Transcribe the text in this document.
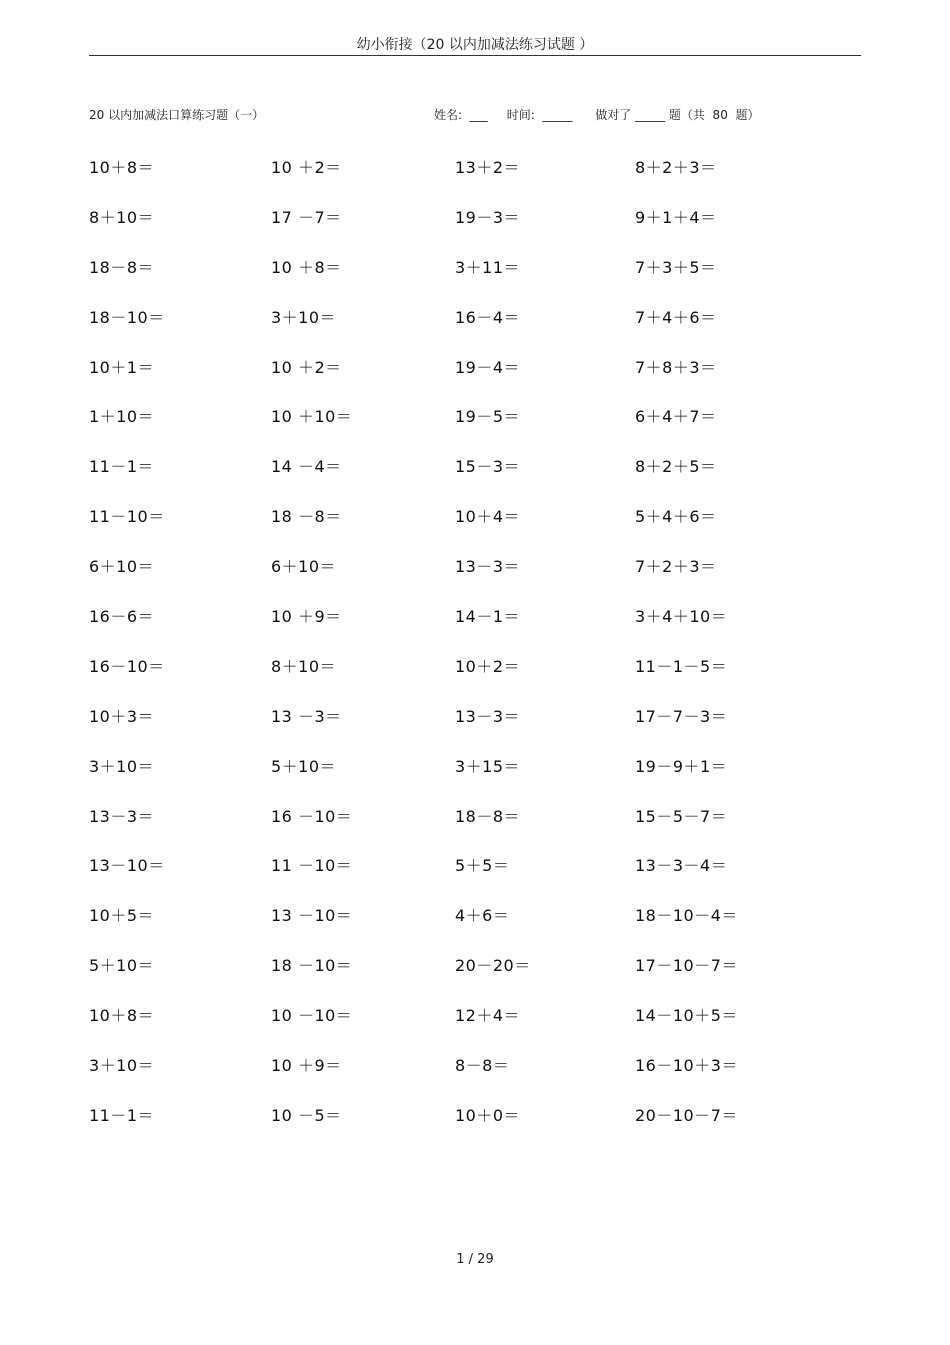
幼小衔接（20 以内加减法练习试题 ）
20 以内加减法口算练习题（一）	姓名:  ___     时间:  _____      做对了 _____ 题（共  80  题）
10＋8＝	10 ＋2＝	13＋2＝	8＋2＋3＝
8＋10＝	17 －7＝	19－3＝	9＋1＋4＝
18－8＝	10 ＋8＝	3＋11＝	7＋3＋5＝
18－10＝	3＋10＝	16－4＝	7＋4＋6＝
10＋1＝	10 ＋2＝	19－4＝	7＋8＋3＝
1＋10＝	10 ＋10＝	19－5＝	6＋4＋7＝
11－1＝	14 －4＝	15－3＝	8＋2＋5＝
11－10＝	18 －8＝	10＋4＝	5＋4＋6＝
6＋10＝	6＋10＝	13－3＝	7＋2＋3＝
16－6＝	10 ＋9＝	14－1＝	3＋4＋10＝
16－10＝	8＋10＝	10＋2＝	11－1－5＝
10＋3＝	13 －3＝	13－3＝	17－7－3＝
3＋10＝	5＋10＝	3＋15＝	19－9＋1＝
13－3＝	16 －10＝	18－8＝	15－5－7＝
13－10＝	11 －10＝	5＋5＝	13－3－4＝
10＋5＝	13 －10＝	4＋6＝	18－10－4＝
5＋10＝	18 －10＝	20－20＝	17－10－7＝
10＋8＝	10 －10＝	12＋4＝	14－10＋5＝
3＋10＝	10 ＋9＝	8－8＝	16－10＋3＝
11－1＝	10 －5＝	10＋0＝	20－10－7＝
1 / 29
